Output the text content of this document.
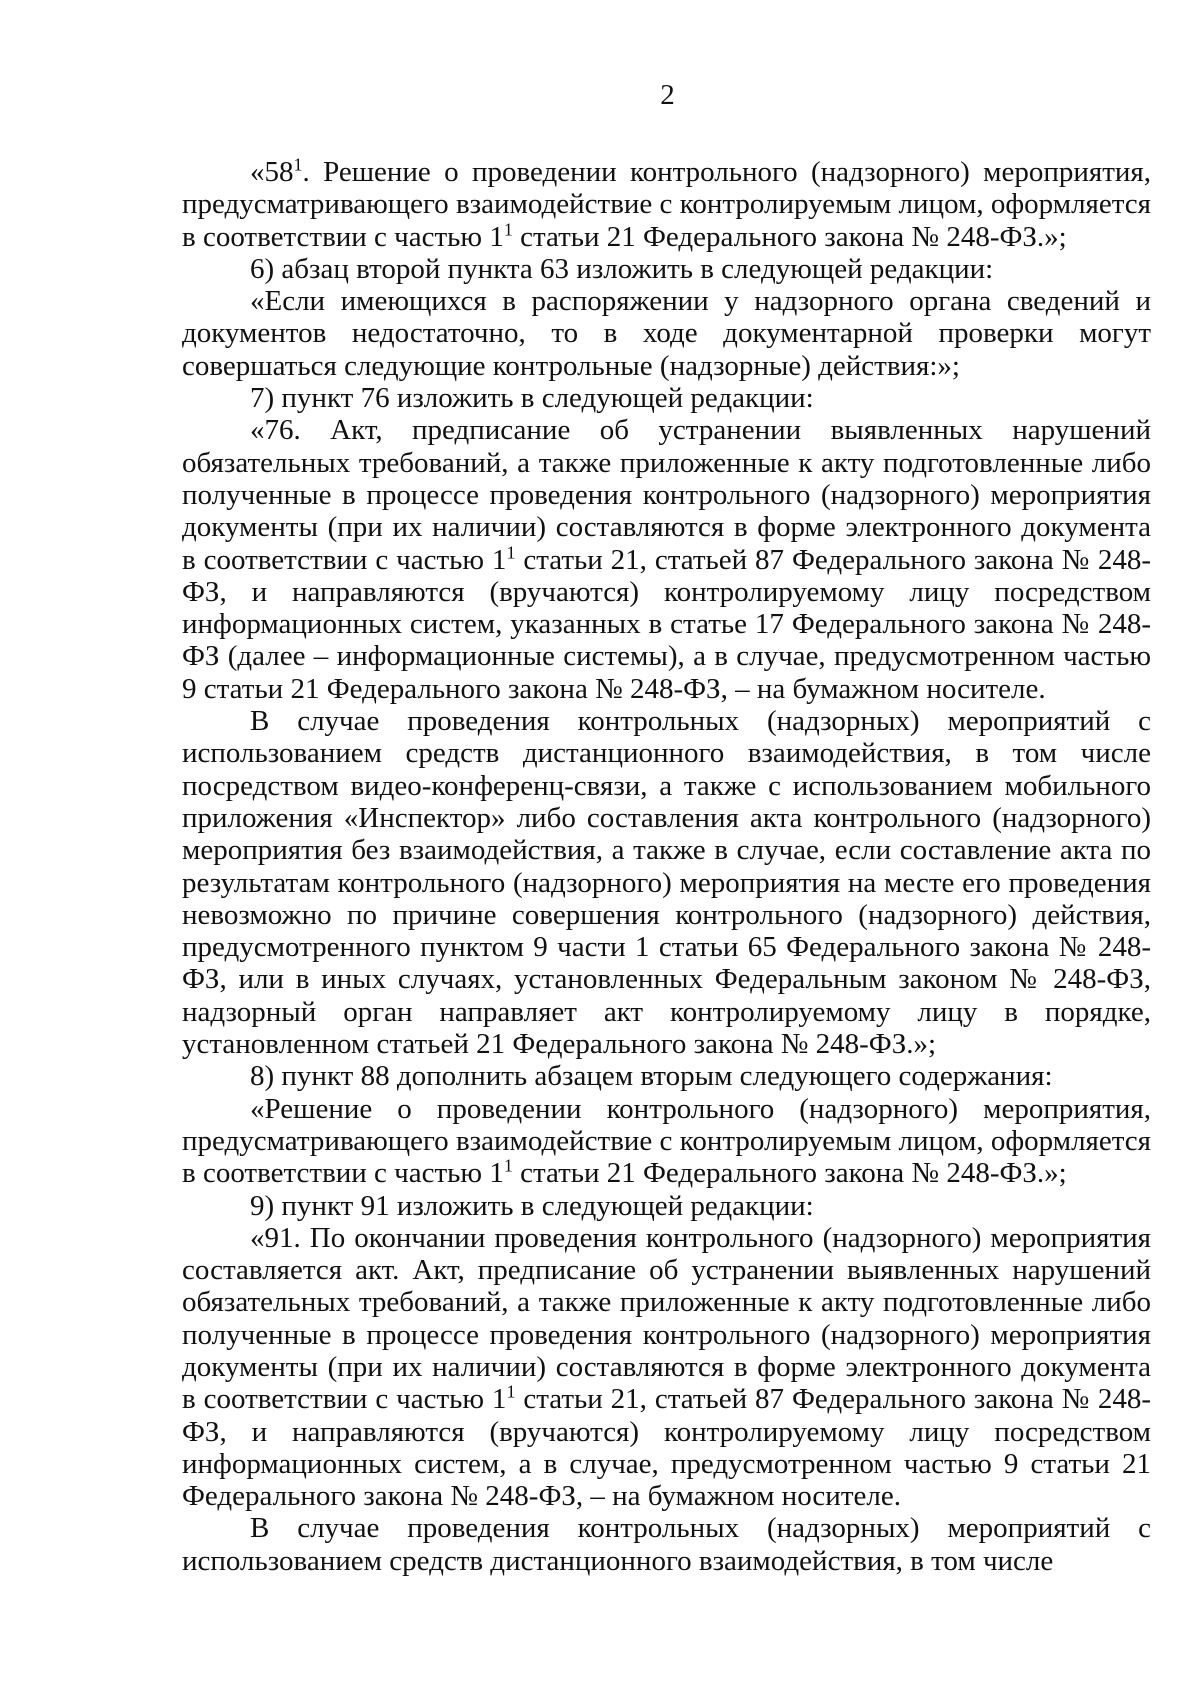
2

«$58^1$. Решение о проведении контрольного (надзорного) мероприятия, предусматривающего взаимодействие с контролируемым лицом, оформляется в соответствии с частью $1^1$ статьи 21 Федерального закона № 248-ФЗ.»;

6) абзац второй пункта 63 изложить в следующей редакции:

«Если имеющихся в распоряжении у надзорного органа сведений и документов недостаточно, то в ходе документарной проверки могут совершаться следующие контрольные (надзорные) действия:»;

7) пункт 76 изложить в следующей редакции:

«76. Акт, предписание об устранении выявленных нарушений обязательных требований, а также приложенные к акту подготовленные либо полученные в процессе проведения контрольного (надзорного) мероприятия документы (при их наличии) составляются в форме электронного документа в соответствии с частью $1^1$ статьи 21, статьей 87 Федерального закона № 248-ФЗ, и направляются (вручаются) контролируемому лицу посредством информационных систем, указанных в статье 17 Федерального закона № 248-ФЗ (далее – информационные системы), а в случае, предусмотренном частью 9 статьи 21 Федерального закона № 248-ФЗ, – на бумажном носителе.

В случае проведения контрольных (надзорных) мероприятий с использованием средств дистанционного взаимодействия, в том числе посредством видео-конференц-связи, а также с использованием мобильного приложения «Инспектор» либо составления акта контрольного (надзорного) мероприятия без взаимодействия, а также в случае, если составление акта по результатам контрольного (надзорного) мероприятия на месте его проведения невозможно по причине совершения контрольного (надзорного) действия, предусмотренного пунктом 9 части 1 статьи 65 Федерального закона № 248-ФЗ, или в иных случаях, установленных Федеральным законом № 248-ФЗ, надзорный орган направляет акт контролируемому лицу в порядке, установленном статьей 21 Федерального закона № 248-ФЗ.»;

8) пункт 88 дополнить абзацем вторым следующего содержания:

«Решение о проведении контрольного (надзорного) мероприятия, предусматривающего взаимодействие с контролируемым лицом, оформляется в соответствии с частью $1^1$ статьи 21 Федерального закона № 248-ФЗ.»;

9) пункт 91 изложить в следующей редакции:

«91. По окончании проведения контрольного (надзорного) мероприятия составляется акт. Акт, предписание об устранении выявленных нарушений обязательных требований, а также приложенные к акту подготовленные либо полученные в процессе проведения контрольного (надзорного) мероприятия документы (при их наличии) составляются в форме электронного документа в соответствии с частью $1^1$ статьи 21, статьей 87 Федерального закона № 248-ФЗ, и направляются (вручаются) контролируемому лицу посредством информационных систем, а в случае, предусмотренном частью 9 статьи 21 Федерального закона № 248-ФЗ, – на бумажном носителе.

В случае проведения контрольных (надзорных) мероприятий с использованием средств дистанционного взаимодействия, в том числе
